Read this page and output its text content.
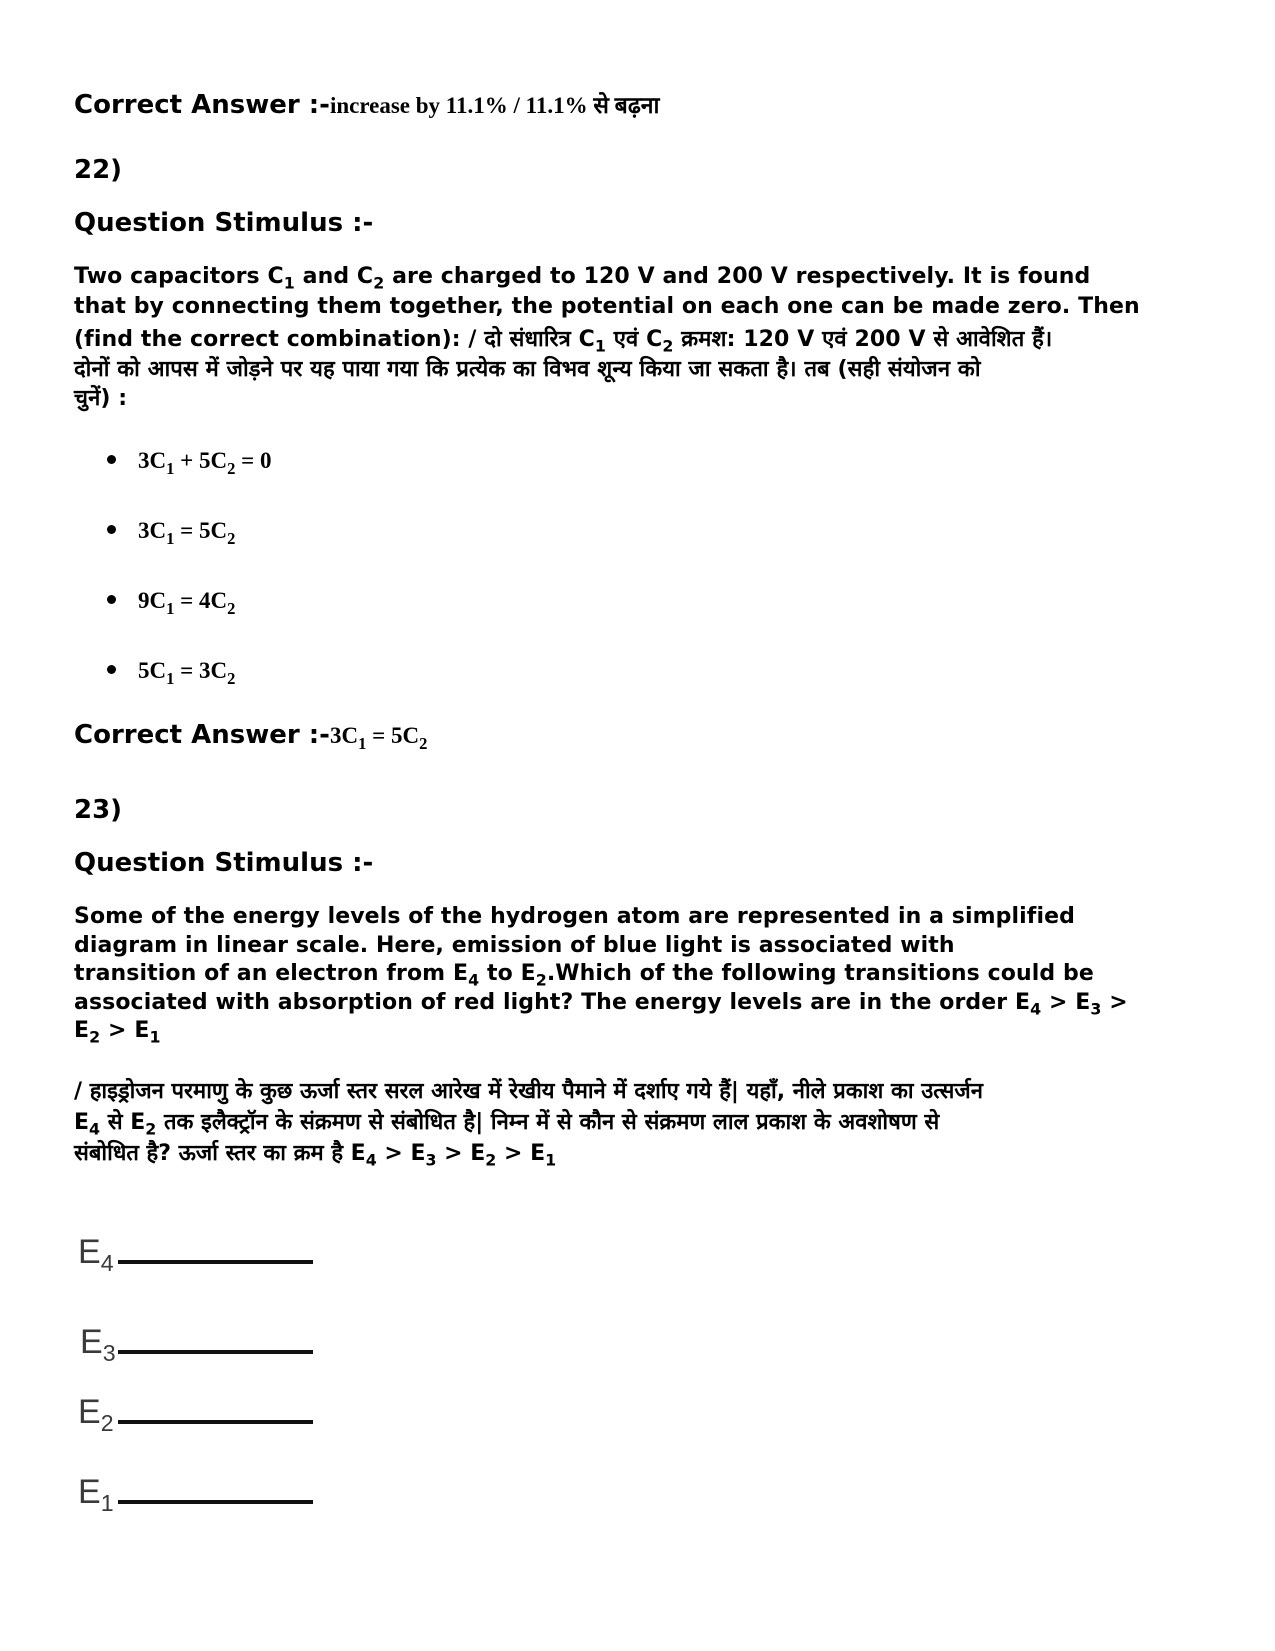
Correct Answer :-increase by 11.1% / 11.1% से बढ़ना
22)
Question Stimulus :-
Two capacitors $C_1$ and $C_2$ are charged to 120 V and 200 V respectively. It is found
that by connecting them together, the potential on each one can be made zero. Then
(find the correct combination): / दो संधारित्र $C_1$ एवं $C_2$ क्रमश: 120 V एवं 200 V से आवेशित हैं।
दोनों को आपस में जोड़ने पर यह पाया गया कि प्रत्येक का विभव शून्य किया जा सकता है। तब (सही संयोजन को
चुनें) :
$3C_1 + 5C_2 = 0$
$3C_1 = 5C_2$
$9C_1 = 4C_2$
$5C_1 = 3C_2$
Correct Answer $:-3C_1 = 5C_2$
23)
Question Stimulus :-
Some of the energy levels of the hydrogen atom are represented in a simplified
diagram in linear scale. Here, emission of blue light is associated with
transition of an electron from $E_4$ to $E_2.Which$ of the following transitions could be
associated with absorption of red light? The energy levels are in the order $E_4 > E_3$ >
$E_2 > E_1$
/ हाइड्रोजन परमाणु के कुछ ऊर्जा स्तर सरल आरेख में रेखीय पैमाने में दर्शाए गये हैं| यहाँ, नीले प्रकाश का उत्सर्जन
$E_4$ से $E_2$ तक इलैक्ट्रॉन के संक्रमण से संबोधित है| निम्न में से कौन से संक्रमण लाल प्रकाश के अवशोषण से
संबोधित है? ऊर्जा स्तर का क्रम है $E_4 > E_3 > E_2 > E_1$
$E_4$
$E_3$
$E_2$
$E_1$
